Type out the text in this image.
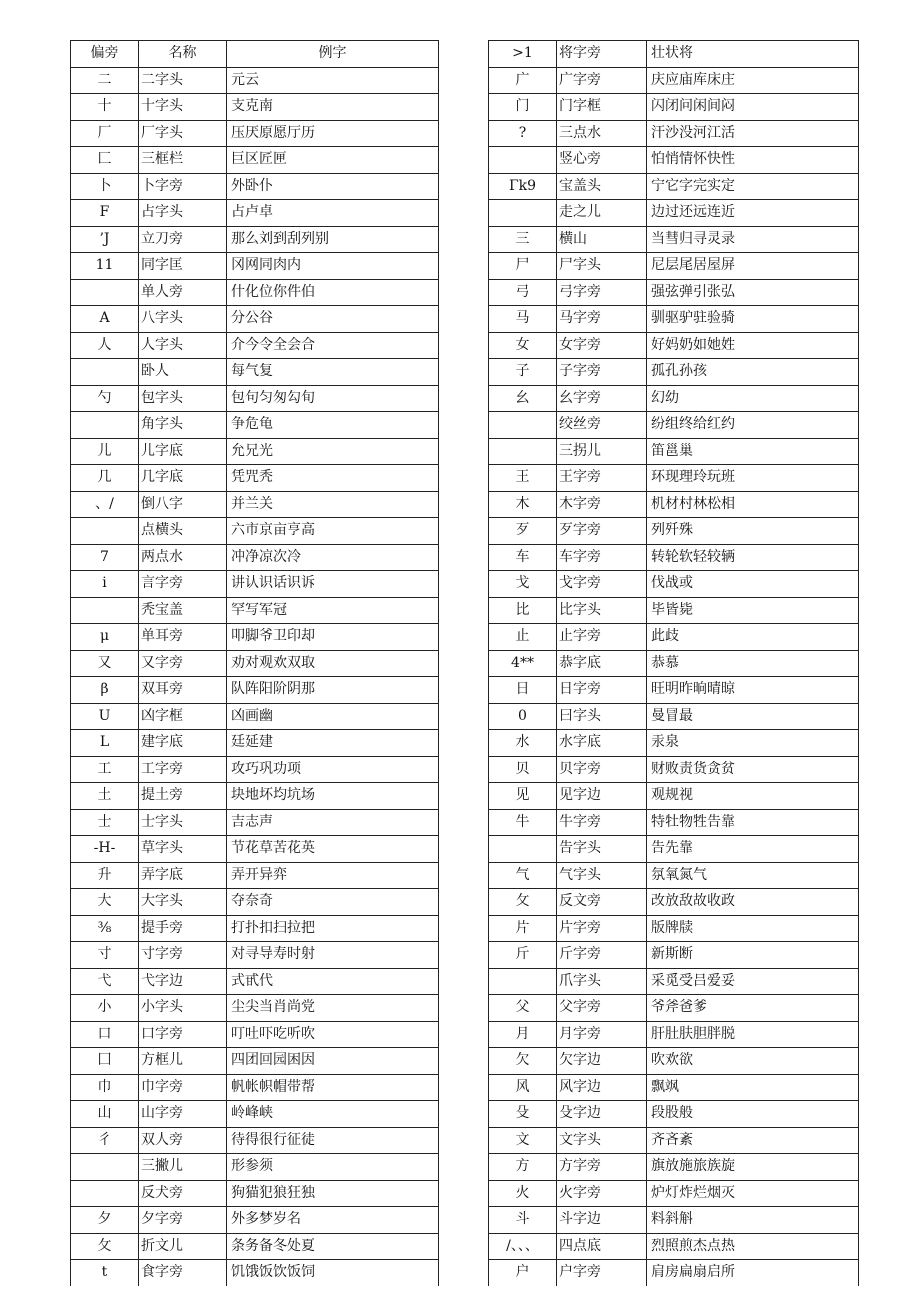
偏旁	名称	例字
二	二字头	元云
十	十字头	支克南
厂	厂字头	压厌原愿厅历
匚	三框栏	巨区匠匣
卜	卜字旁	外卧仆
F	占字头	占卢卓
’J	立刀旁	那么刘到刮列别
11	同字匡	冈网同肉内
	单人旁	什化位你件伯
A	八字头	分公谷
人	人字头	介今令全会合
	卧人	每气复
勺	包字头	包句匀匆勾旬
	角字头	争危龟
儿	儿字底	允兄光
几	几字底	凭咒秃
、/	倒八字	并兰关
	点横头	六市京亩亨高
7	两点水	冲净凉次冷
i	言字旁	讲认识话识诉
	秃宝盖	罕写军冠
μ	单耳旁	叩脚爷卫印却
又	又字旁	劝对观欢双取
β	双耳旁	队阵阳阶阴那
U	凶字框	凶画幽
L	建字底	廷延建
工	工字旁	攻巧巩功项
土	提土旁	块地坏均坑场
士	士字头	吉志声
-H-	草字头	节花草苦花英
升	弄字底	弄开异弈
大	大字头	夺奈奇
⅜	提手旁	打扑扣扫拉把
寸	寸字旁	对寻导寿时射
弋	弋字边	式甙代
小	小字头	尘尖当肖尚党
口	口字旁	叮吐吓吃听吹
囗	方框儿	四团回园困因
巾	巾字旁	帆帐帜帽带帮
山	山字旁	岭峰峡
彳	双人旁	待得很行征徒
	三撇儿	形参须
	反犬旁	狗猫犯狼狂独
夕	夕字旁	外多梦岁名
攵	折文儿	条务备冬处夏
t	食字旁	饥饿饭饮饭饲
>1	将字旁	壮状将
广	广字旁	庆应庙库床庄
门	门字框	闪闭问闲间闷
?	三点水	汗沙没河江活
	竖心旁	怕悄情怀快性
Γk9	宝盖头	宁它字完实定
	走之儿	边过还远连近
三	横山	当彗归寻灵录
尸	尸字头	尼层尾居屋屏
弓	弓字旁	强弦弹引张弘
马	马字旁	驯驱驴驻验骑
女	女字旁	好妈奶如她姓
子	子字旁	孤孔孙孩
幺	幺字旁	幻幼
	绞丝旁	纷组终给红约
	三拐儿	笛邕巢
王	王字旁	环现理玲玩班
木	木字旁	机材村林松相
歹	歹字旁	列歼殊
车	车字旁	转轮软轻较辆
戈	戈字旁	伐战或
比	比字头	毕皆毙
止	止字旁	此歧
4**	恭字底	恭慕
日	日字旁	旺明昨晌晴晾
0	曰字头	曼冒最
水	水字底	汞泉
贝	贝字旁	财败责货贪贫
见	见字边	观规视
牛	牛字旁	特牡物牲告靠
	告字头	告先靠
气	气字头	氛氧氮气
攵	反文旁	改放敌故收政
片	片字旁	版牌牍
斤	斤字旁	新斯断
	爪字头	采觅受吕爱妥
父	父字旁	爷斧爸爹
月	月字旁	肝肚肤胆胖脱
欠	欠字边	吹欢欲
风	风字边	飘飒
殳	殳字边	段股般
文	文字头	齐吝紊
方	方字旁	旗放施旅族旋
火	火字旁	炉灯炸烂烟灭
斗	斗字边	料斜斛
/、、、	四点底	烈照煎杰点热
户	户字旁	肩房扁扇启所
